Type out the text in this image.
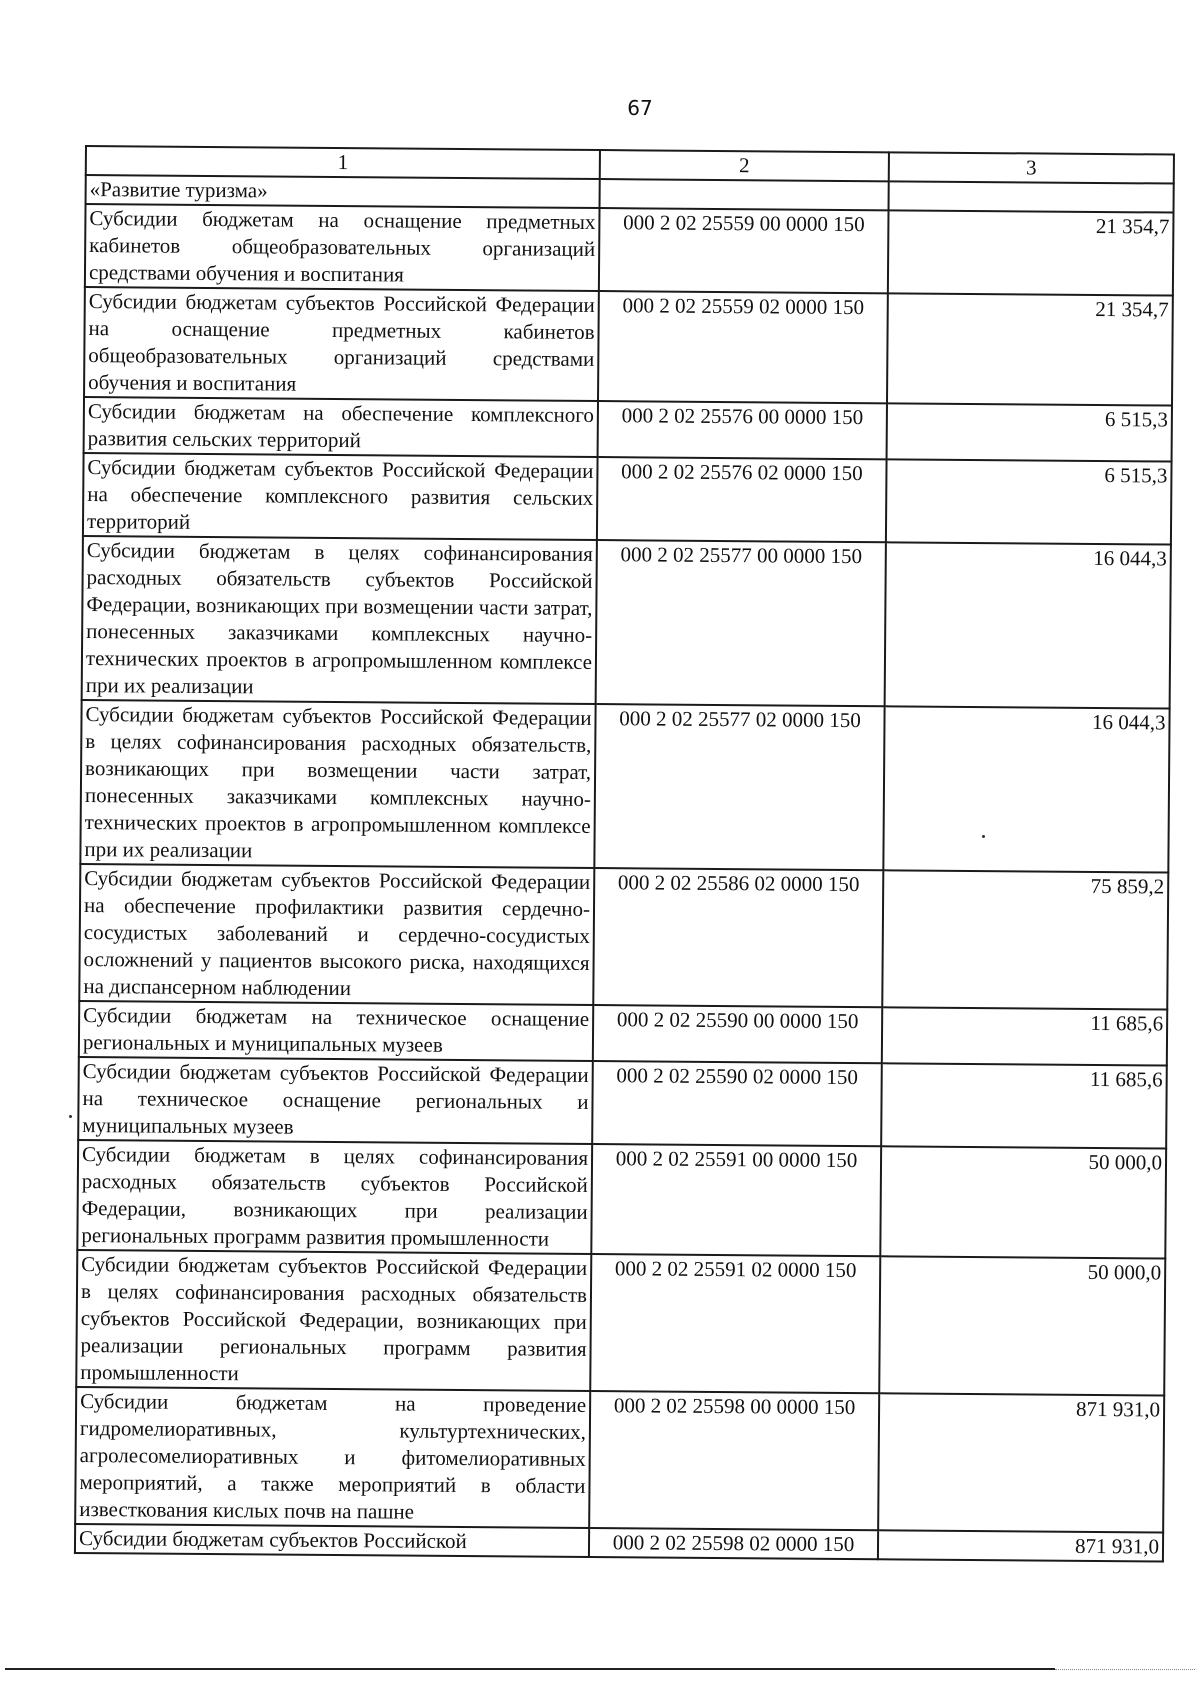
67
1	2	3
«Развитие туризма»		
Субсидии бюджетам на оснащение предметных кабинетов общеобразовательных организаций средствами обучения и воспитания	000 2 02 25559 00 0000 150	21 354,7
Субсидии бюджетам субъектов Российской Федерации на оснащение предметных кабинетов общеобразовательных организаций средствами обучения и воспитания	000 2 02 25559 02 0000 150	21 354,7
Субсидии бюджетам на обеспечение комплексного развития сельских территорий	000 2 02 25576 00 0000 150	6 515,3
Субсидии бюджетам субъектов Российской Федерации на обеспечение комплексного развития сельских территорий	000 2 02 25576 02 0000 150	6 515,3
Субсидии бюджетам в целях софинансирования расходных обязательств субъектов Российской Федерации, возникающих при возмещении части затрат, понесенных заказчиками комплексных научно-технических проектов в агропромышленном комплексе при их реализации	000 2 02 25577 00 0000 150	16 044,3
Субсидии бюджетам субъектов Российской Федерации в целях софинансирования расходных обязательств, возникающих при возмещении части затрат, понесенных заказчиками комплексных научно-технических проектов в агропромышленном комплексе при их реализации	000 2 02 25577 02 0000 150	16 044,3
Субсидии бюджетам субъектов Российской Федерации на обеспечение профилактики развития сердечно-сосудистых заболеваний и сердечно-сосудистых осложнений у пациентов высокого риска, находящихся на диспансерном наблюдении	000 2 02 25586 02 0000 150	75 859,2
Субсидии бюджетам на техническое оснащение региональных и муниципальных музеев	000 2 02 25590 00 0000 150	11 685,6
Субсидии бюджетам субъектов Российской Федерации на техническое оснащение региональных и муниципальных музеев	000 2 02 25590 02 0000 150	11 685,6
Субсидии бюджетам в целях софинансирования расходных обязательств субъектов Российской Федерации, возникающих при реализации региональных программ развития промышленности	000 2 02 25591 00 0000 150	50 000,0
Субсидии бюджетам субъектов Российской Федерации в целях софинансирования расходных обязательств субъектов Российской Федерации, возникающих при реализации региональных программ развития промышленности	000 2 02 25591 02 0000 150	50 000,0
Субсидии бюджетам на проведение гидромелиоративных, культуртехнических, агролесомелиоративных и фитомелиоративных мероприятий, а также мероприятий в области известкования кислых почв на пашне	000 2 02 25598 00 0000 150	871 931,0
Субсидии бюджетам субъектов Российской	000 2 02 25598 02 0000 150	871 931,0
